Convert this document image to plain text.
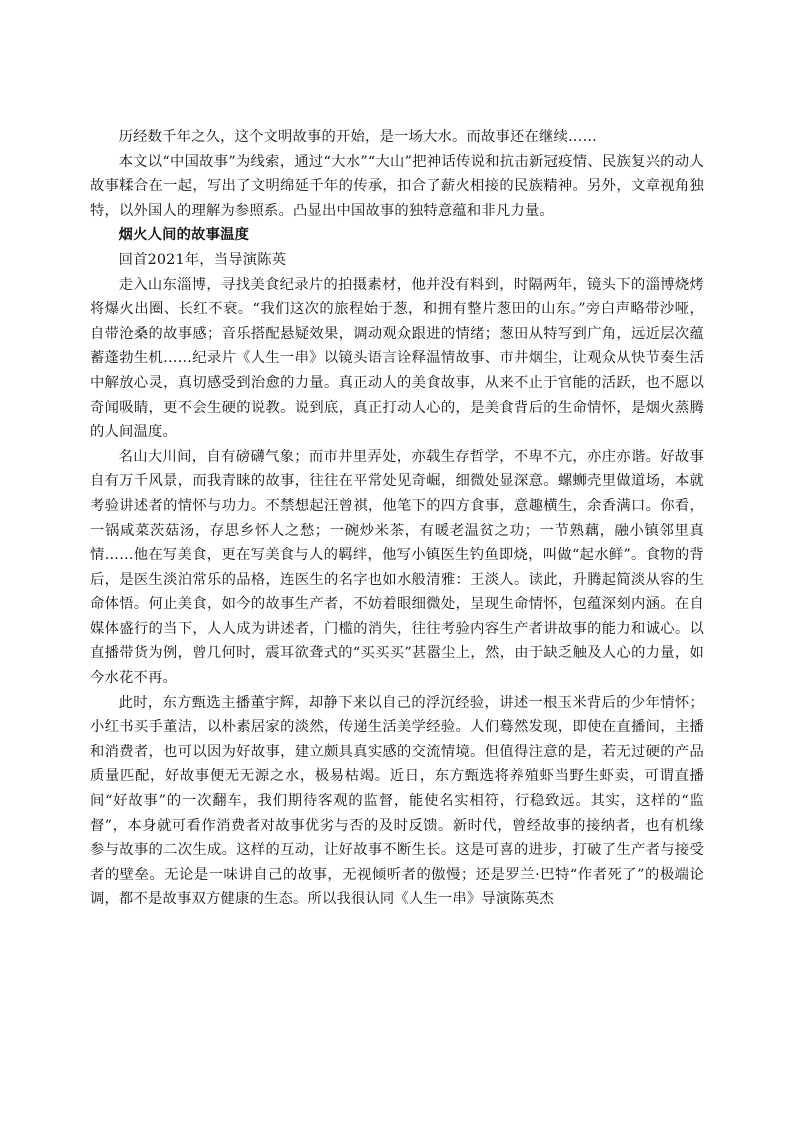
历经数千年之久，这个文明故事的开始，是一场大水。而故事还在继续……

本文以“中国故事”为线索，通过“大水”“大山”把神话传说和抗击新冠疫情、民族复兴的动人故事糅合在一起，写出了文明绵延千年的传承，扣合了薪火相接的民族精神。另外，文章视角独特，以外国人的理解为参照系。凸显出中国故事的独特意蕴和非凡力量。

烟火人间的故事温度

回首2021年，当导演陈英

走入山东淄博，寻找美食纪录片的拍摄素材，他并没有料到，时隔两年，镜头下的淄博烧烤将爆火出圈、长红不衰。“我们这次的旅程始于葱，和拥有整片葱田的山东。”旁白声略带沙哑，自带沧桑的故事感；音乐搭配悬疑效果，调动观众跟进的情绪；葱田从特写到广角，远近层次蕴蓄蓬勃生机……纪录片《人生一串》以镜头语言诠释温情故事、市井烟尘，让观众从快节奏生活中解放心灵，真切感受到治愈的力量。真正动人的美食故事，从来不止于官能的活跃，也不愿以奇闻吸睛，更不会生硬的说教。说到底，真正打动人心的，是美食背后的生命情怀，是烟火蒸腾的人间温度。

名山大川间，自有磅礴气象；而市井里弄处，亦载生存哲学，不卑不亢，亦庄亦谐。好故事自有万千风景，而我青睐的故事，往往在平常处见奇崛，细微处显深意。螺蛳壳里做道场，本就考验讲述者的情怀与功力。不禁想起汪曾祺，他笔下的四方食事，意趣横生，余香满口。你看，一锅咸菜茨菇汤，存思乡怀人之愁；一碗炒米茶，有暖老温贫之功；一节熟藕，融小镇邻里真情……他在写美食，更在写美食与人的羁绊，他写小镇医生钓鱼即烧，叫做“起水鲜”。食物的背后，是医生淡泊常乐的品格，连医生的名字也如水般清雅：王淡人。读此，升腾起简淡从容的生命体悟。何止美食，如今的故事生产者，不妨着眼细微处，呈现生命情怀，包蕴深刻内涵。在自媒体盛行的当下，人人成为讲述者，门槛的消失，往往考验内容生产者讲故事的能力和诚心。以直播带货为例，曾几何时，震耳欲聋式的“买买买”甚嚣尘上，然，由于缺乏触及人心的力量，如今水花不再。

此时，东方甄选主播董宇辉，却静下来以自己的浮沉经验，讲述一根玉米背后的少年情怀；小红书买手董洁，以朴素居家的淡然，传递生活美学经验。人们蓦然发现，即使在直播间，主播和消费者，也可以因为好故事，建立颇具真实感的交流情境。但值得注意的是，若无过硬的产品质量匹配，好故事便无无源之水，极易枯竭。近日，东方甄选将养殖虾当野生虾卖，可谓直播间“好故事”的一次翻车，我们期待客观的监督，能使名实相符，行稳致远。其实，这样的“监督”，本身就可看作消费者对故事优劣与否的及时反馈。新时代，曾经故事的接纳者，也有机缘参与故事的二次生成。这样的互动，让好故事不断生长。这是可喜的进步，打破了生产者与接受者的壁垒。无论是一味讲自己的故事，无视倾听者的傲慢；还是罗兰·巴特“作者死了”的极端论调，都不是故事双方健康的生态。所以我很认同《人生一串》导演陈英杰
